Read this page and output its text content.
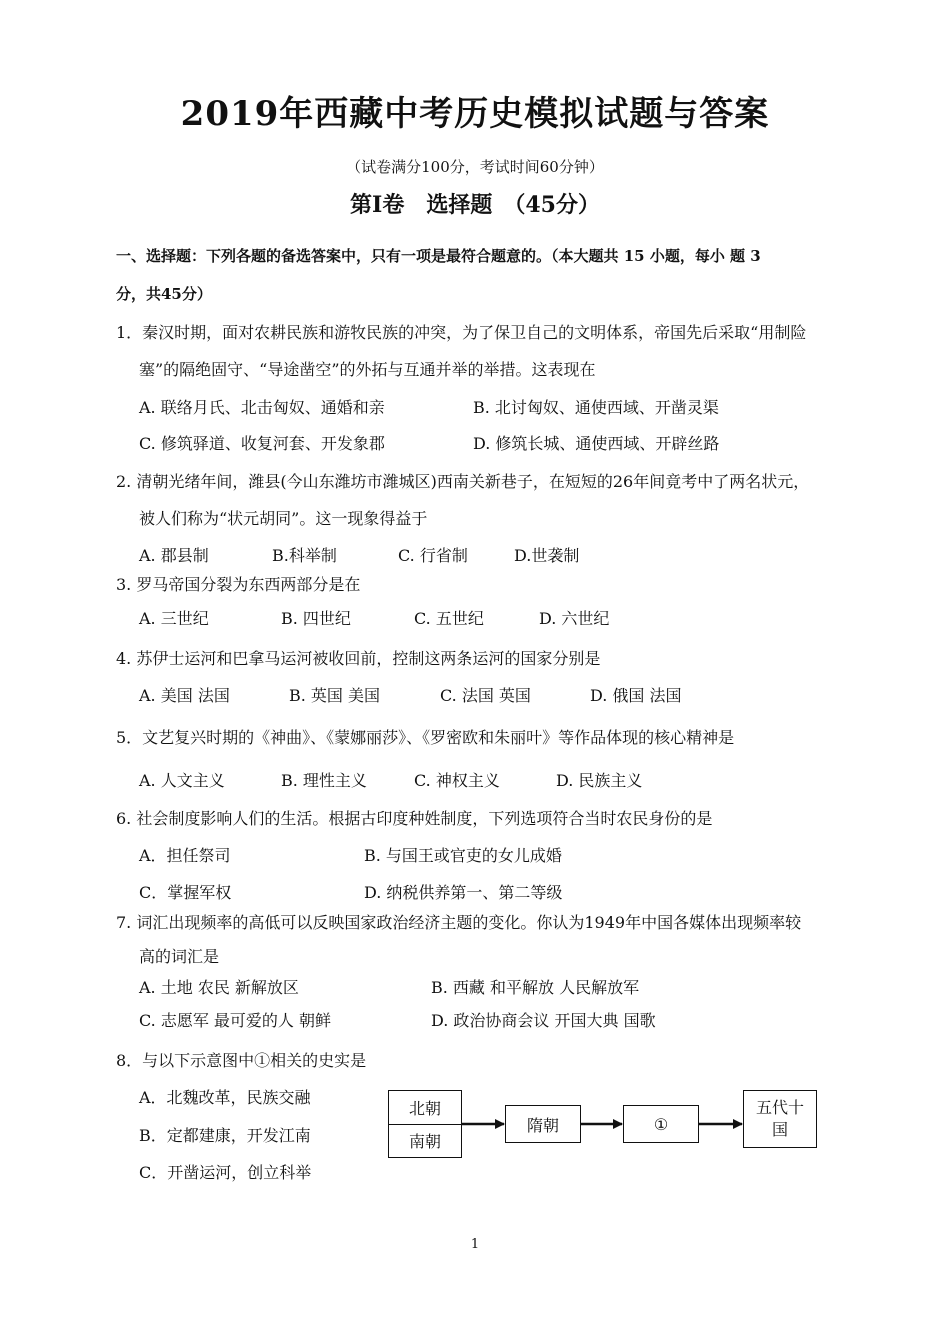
2019年西藏中考历史模拟试题与答案
（试卷满分100分，考试时间60分钟）
第Ⅰ卷　选择题　（45分）
一、选择题：下列各题的备选答案中，只有一项是最符合题意的。（本大题共 15 小题，每小 题 3
分，共45分）
1．秦汉时期，面对农耕民族和游牧民族的冲突，为了保卫自己的文明体系，帝国先后采取“用制险
塞”的隔绝固守、“导途凿空”的外拓与互通并举的举措。这表现在
A. 联络月氏、北击匈奴、通婚和亲	B. 北讨匈奴、通使西域、开凿灵渠
C. 修筑驿道、收复河套、开发象郡	D. 修筑长城、通使西域、开辟丝路
2. 清朝光绪年间，潍县(今山东潍坊市潍城区)西南关新巷子，在短短的26年间竟考中了两名状元，
被人们称为“状元胡同”。这一现象得益于
A. 郡县制	B.科举制	C. 行省制	D.世袭制
3. 罗马帝国分裂为东西两部分是在
A. 三世纪	B. 四世纪	C. 五世纪	D. 六世纪
4. 苏伊士运河和巴拿马运河被收回前，控制这两条运河的国家分别是
A. 美国 法国	B. 英国 美国	C. 法国 英国	D. 俄国 法国
5．文艺复兴时期的《神曲》、《蒙娜丽莎》、《罗密欧和朱丽叶》等作品体现的核心精神是
A. 人文主义	B. 理性主义	C. 神权主义	D. 民族主义
6. 社会制度影响人们的生活。根据古印度种姓制度，下列选项符合当时农民身份的是
A．担任祭司	B. 与国王或官吏的女儿成婚
C．掌握军权	D. 纳税供养第一、第二等级
7. 词汇出现频率的高低可以反映国家政治经济主题的变化。你认为1949年中国各媒体出现频率较
高的词汇是
A. 土地 农民 新解放区	B. 西藏 和平解放 人民解放军
C. 志愿军 最可爱的人 朝鲜	D. 政治协商会议 开国大典 国歌
8．与以下示意图中①相关的史实是
A．北魏改革，民族交融
B．定都建康，开发江南
C．开凿运河，创立科举
北朝
南朝
隋朝	①
五代十国
1
